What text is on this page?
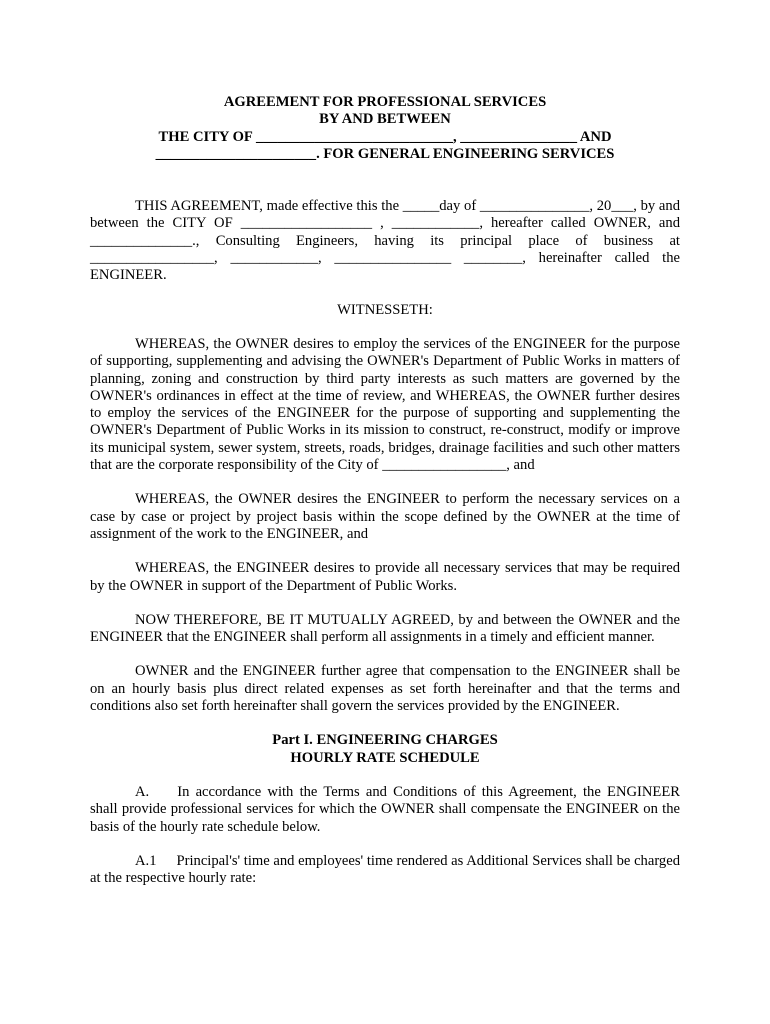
AGREEMENT FOR PROFESSIONAL SERVICES
BY AND BETWEEN
THE CITY OF ___________________________, ________________ AND
______________________. FOR GENERAL ENGINEERING SERVICES

THIS AGREEMENT, made effective this the _____day of _______________, 20___, by and between the CITY OF __________________ , ____________, hereafter called OWNER, and ______________., Consulting Engineers, having its principal place of business at _________________, ____________, ________________ ________, hereinafter called the ENGINEER.

WITNESSETH:

WHEREAS, the OWNER desires to employ the services of the ENGINEER for the purpose of supporting, supplementing and advising the OWNER's Department of Public Works in matters of planning, zoning and construction by third party interests as such matters are governed by the OWNER's ordinances in effect at the time of review, and WHEREAS, the OWNER further desires to employ the services of the ENGINEER for the purpose of supporting and supplementing the OWNER's Department of Public Works in its mission to construct, re-construct, modify or improve its municipal system, sewer system, streets, roads, bridges, drainage facilities and such other matters that are the corporate responsibility of the City of _________________, and

WHEREAS, the OWNER desires the ENGINEER to perform the necessary services on a case by case or project by project basis within the scope defined by the OWNER at the time of assignment of the work to the ENGINEER, and

WHEREAS, the ENGINEER desires to provide all necessary services that may be required by the OWNER in support of the Department of Public Works.

NOW THEREFORE, BE IT MUTUALLY AGREED, by and between the OWNER and the ENGINEER that the ENGINEER shall perform all assignments in a timely and efficient manner.

OWNER and the ENGINEER further agree that compensation to the ENGINEER shall be on an hourly basis plus direct related expenses as set forth hereinafter and that the terms and conditions also set forth hereinafter shall govern the services provided by the ENGINEER.

Part I. ENGINEERING CHARGES
HOURLY RATE SCHEDULE

A. In accordance with the Terms and Conditions of this Agreement, the ENGINEER shall provide professional services for which the OWNER shall compensate the ENGINEER on the basis of the hourly rate schedule below.

A.1 Principal's' time and employees' time rendered as Additional Services shall be charged at the respective hourly rate:
